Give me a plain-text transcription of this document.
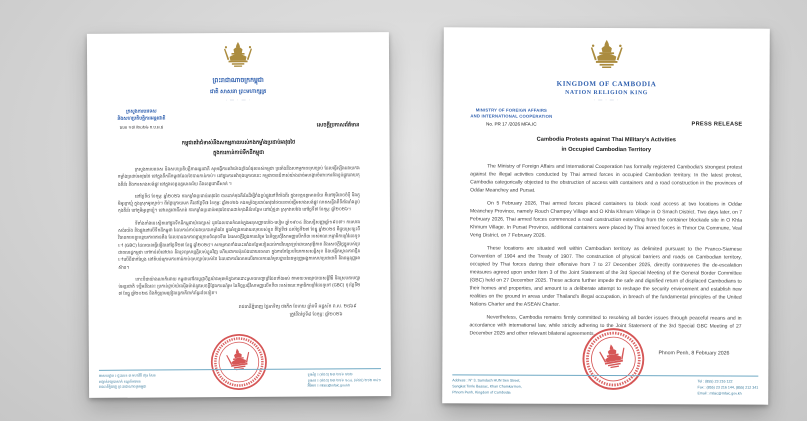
ព្រះរាជាណាចក្រកម្ពុជា
ជាតិ សាសនា ព្រះមហាក្សត្រ
· — · — ·
ក្រសួងការបរទេស
និងសហប្រតិបត្តិការអន្តរជាតិ
លេខ ១៧ /២០២៦ ក.ប.អ.ជ	សេចក្តីប្រកាសព័ត៌មាន
កម្ពុជាតវ៉ាជំទាស់នឹងសកម្មភាពរបស់កងកម្លាំងប្រដាប់អាវុធថៃ
ក្នុងការកាន់កាប់ទឹកដីកម្ពុជា

ក្រសួងការបរទេស និងសហប្រតិបត្តិការអន្តរជាតិ សូមធ្វើការតវ៉ាយ៉ាងខ្លាំងបំផុតរបស់កម្ពុជា ប្រឆាំងនឹងសកម្មភាពខុសច្បាប់ ដែលធ្វើឡើងដោយកងកម្លាំងប្រដាប់អាវុធថៃ នៅក្នុងទឹកដីកម្ពុជាដែលថៃបានកាន់កាប់។ នៅក្នុងការតវ៉ាចុងក្រោយនេះ កម្ពុជាបានជំទាស់យ៉ាងដាច់អហង្ការចំពោះការរាំងខ្ទប់ផ្លូវដោយកុងតឺន័រ និងការសាងសង់ផ្លូវ នៅក្នុងខេត្តឧត្តរមានជ័យ និងខេត្តពោធិ៍សាត់ ។

នៅថ្ងៃទី៥ ខែកុម្ភៈ ឆ្នាំ២០២៦ កងកម្លាំងប្រដាប់អាវុធថៃ បានដាក់កុងតឺន័រដើម្បីរាំងខ្ទប់ផ្លូវនៅទីតាំងពីរ ក្នុងខេត្តឧត្តរមានជ័យ គឺនៅភូមិរោចចំប៉ី និងភូមិអូរខ្លាឃ្មុំ ក្នុងស្រុកអូរស្មាច់។ ពីរថ្ងៃក្រោយមក គឺនៅថ្ងៃទី៧ ខែកុម្ភៈ ឆ្នាំ២០២៦ កងកម្លាំងប្រដាប់អាវុធថៃបានចាប់ផ្តើមសាងសង់ផ្លូវ លាតសន្ធឹងពីទីតាំងរាំងខ្ទប់កុងតឺន័រ នៅភូមិអូរខ្លាឃ្មុំ។ នៅខេត្តពោធិ៍សាត់ កងកម្លាំងប្រដាប់អាវុធថៃបានដាក់កុងតឺន័របន្ថែម នៅឃុំថ្មដា ស្រុកវាលវែង នៅថ្ងៃទី៧ ខែកុម្ភៈ ឆ្នាំ២០២៦។

ទីតាំងទាំងនេះស្ថិតនៅក្នុងទឹកដីកម្ពុជាយ៉ាងច្បាស់ ដូចដែលបានកំណត់ក្នុងអនុសញ្ញាបារាំង-សៀម ឆ្នាំ១៩០៤ និងសន្ធិសញ្ញាឆ្នាំ១៩០៧។ ការសាងសង់របាំង និងផ្លូវនៅលើទឹកដីកម្ពុជា ដែលកាន់កាប់ដោយកងកម្លាំងថៃ ក្នុងអំឡុងការវាយលុករបស់ខ្លួន ពីថ្ងៃទី៧ ដល់ថ្ងៃទី២៧ ខែធ្នូ ឆ្នាំ២០២៥ គឺផ្ទុយស្រឡះពីវិធានការបន្ធូរបន្ថយភាពតានតឹង ដែលបានឯកភាពគ្នាក្រោមចំណុចទី៣ នៃសេចក្តីថ្លែងការណ៍រួម នៃកិច្ចប្រជុំវិសាមញ្ញលើកទី៣ របស់គណៈកម្មាធិការព្រំដែនទូទៅ (GBC) ដែលបានធ្វើឡើងនៅថ្ងៃទី២៧ ខែធ្នូ ឆ្នាំ២០២៥។ សកម្មភាពទាំងនេះរារាំងបន្ថែមទៀតដល់ការវិលត្រឡប់ដោយសុវត្ថិភាព និងសេចក្តីថ្លៃថ្នូររបស់ប្រជាពលរដ្ឋកម្ពុជា ទៅកាន់លំនៅឋាន និងទ្រព្យសម្បត្តិរបស់ខ្លួនវិញ ហើយជាការប៉ុនប៉ងដោយចេតនា ក្នុងការកែប្រែបរិយាកាសសន្តិសុខ និងបង្កើតស្ថានភាពថ្មីនៅលើដីជាក់ស្តែង នៅតំបន់ក្រោមការកាន់កាប់ខុសច្បាប់របស់ថៃ ដែលជាការរំលោភលើគោលការណ៍មូលដ្ឋាននៃធម្មនុញ្ញអង្គការសហប្រជាជាតិ និងធម្មនុញ្ញអាស៊ាន។

ទោះបីជាយ៉ាងណាក៏ដោយ កម្ពុជានៅតែប្តេជ្ញាចិត្តយ៉ាងមុតមាំក្នុងការដោះស្រាយបញ្ហាព្រំដែនទាំងអស់ តាមរយៈមធ្យោបាយសន្តិវិធី និងស្របតាមច្បាប់អន្តរជាតិ ទន្ទឹមនឹងនេះ ប្រកាន់ខ្ជាប់យ៉ាងម៉ឺងម៉ាត់នូវសេចក្តីថ្លែងការណ៍រួម នៃកិច្ចប្រជុំវិសាមញ្ញលើកទី៣ របស់គណៈកម្មាធិការព្រំដែនទូទៅ (GBC) ចុះថ្ងៃទី២៧ ខែធ្នូ ឆ្នាំ២០២៥ និងកិច្ចព្រមព្រៀងទ្វេភាគីពាក់ព័ន្ធដទៃទៀត។

រាជធានីភ្នំពេញ ថ្ងៃអាទិត្យ ៧កើត ខែមាឃ ឆ្នាំមមី អដ្ឋស័ក ព.ស. ២៥៦៩
ត្រូវនឹងថ្ងៃទី៨ ខែកុម្ភៈ ឆ្នាំ២០២៦
អាសយដ្ឋាន ៖ ផ្ទះលេខ ៣ មហាវិថី ហ៊ុន សែន
សង្កាត់ទន្លេបាសាក់ ខណ្ឌចំការមន
រាជធានីភ្នំពេញ ព្រះរាជាណាចក្រកម្ពុជា
ទូរស័ព្ទ ៖ (៨៥៥) ២៣ ២១៦ ១២២
ទូរសារ ៖ (៨៥៥) ២៣ ២១៦ ១៤៤, (៨៥៥) ២១២ ៣៤១
អ៊ីមែល ៖ mfaic@mfaic.gov.kh
KINGDOM OF CAMBODIA
NATION RELIGION KING
· — · — ·
MINISTRY OF FOREIGN AFFAIRS
AND INTERNATIONAL COOPERATION
No. PR 17 /2026 MFA.IC	PRESS RELEASE
Cambodia Protests against Thai Military's Activities
in Occupied Cambodian Territory

The Ministry of Foreign Affairs and International Cooperation has formally registered Cambodia's strongest protest against the illegal activities conducted by Thai armed forces in occupied Cambodian territory. In the latest protest, Cambodia categorically objected to the obstruction of access with containers and a road construction in the provinces of Oddar Meanchey and Pursat.

On 5 February 2026, Thai armed forces placed containers to block road access at two locations in Oddar Meanchey Province, namely Rouch Champey Village and O Khla Khmum Village in O Smach District. Two days later, on 7 February 2026, Thai armed forces commenced a road construction extending from the container blockade site in O Khla Khmum Village. In Pursat Province, additional containers were placed by Thai armed forces in Thmor Da Commune, Veal Veng District, on 7 February 2026.

These locations are situated well within Cambodian territory as delimited pursuant to the Franco-Siamese Convention of 1904 and the Treaty of 1907. The construction of physical barriers and roads on Cambodian territory, occupied by Thai forces during their offensive from 7 to 27 December 2025, directly contravenes the de-escalation measures agreed upon under Item 3 of the Joint Statement of the 3rd Special Meeting of the General Border Committee (GBC) held on 27 December 2025. These actions further impede the safe and dignified return of displaced Cambodians to their homes and properties, and amount to a deliberate attempt to reshape the security environment and establish new realities on the ground in areas under Thailand's illegal occupation, in breach of the fundamental principles of the United Nations Charter and the ASEAN Charter.

Nevertheless, Cambodia remains firmly committed to resolving all border issues through peaceful means and in accordance with international law, while strictly adhering to the Joint Statement of the 3rd Special GBC Meeting of 27 December 2025 and other relevant bilateral agreements.

Phnom Penh, 8 February 2026
Address : N° 3, Samdach HUN Sen Street,
Sangkat Tonle Bassac, Khan Chamkarmon,
Phnom Penh, Kingdom of Cambodia
Tel : (855) 23 216 122
Fax : (855) 23 216 144, (855) 212 341
Email : mfaic@mfaic.gov.kh
